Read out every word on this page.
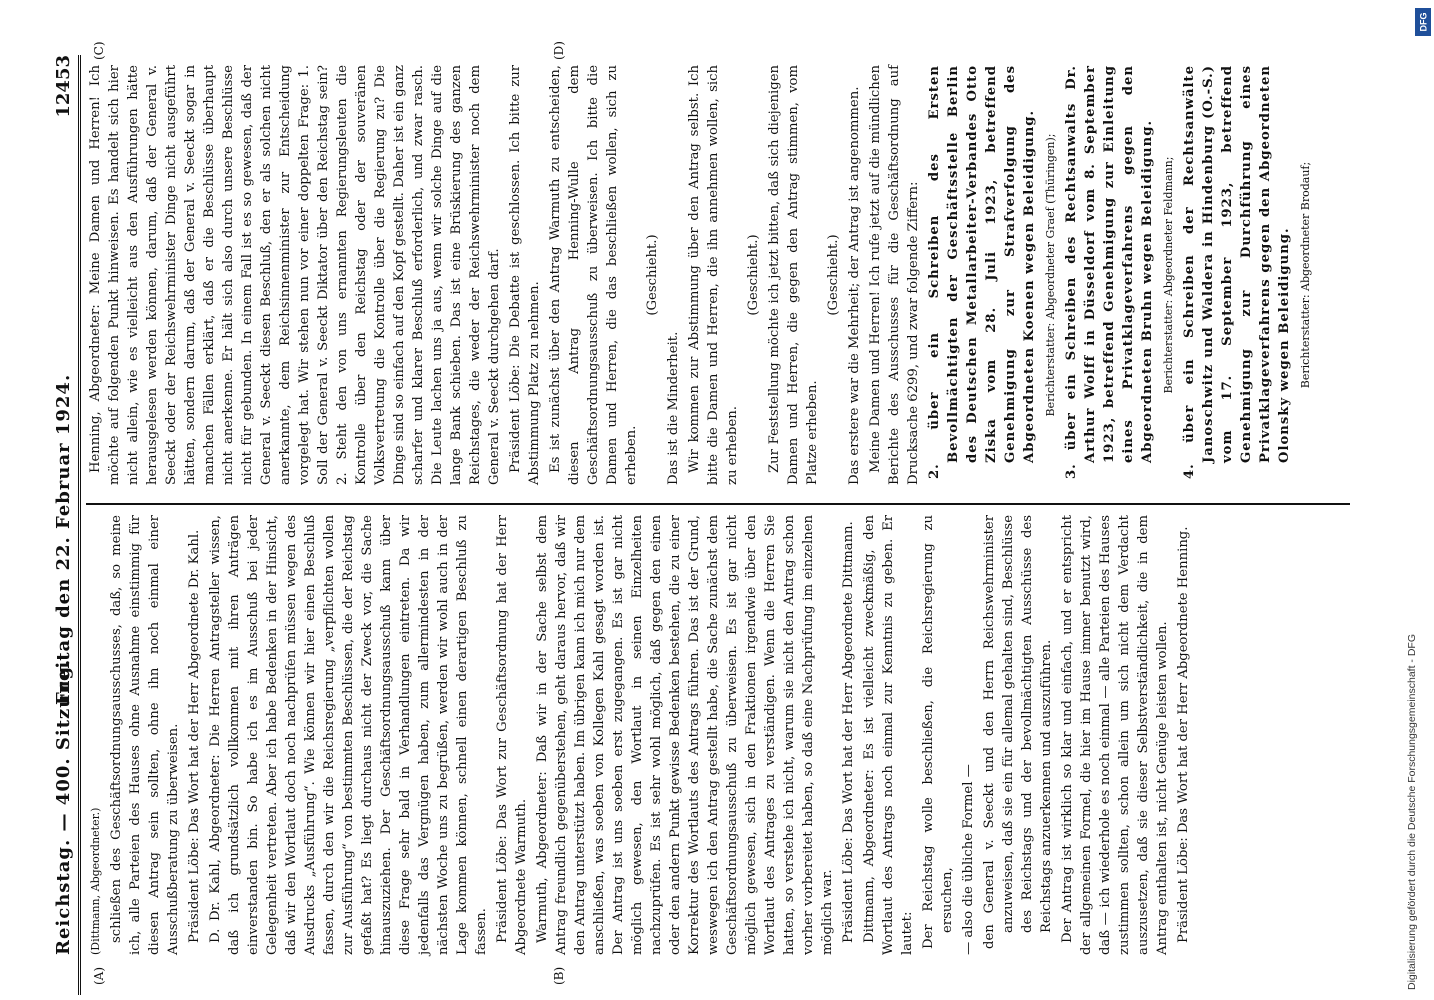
Reichstag. — 400. Sitzung.
Freitag den 22. Februar 1924.
12453
(A)	(B)
(C)	(D)

(Dittmann, Abgeordneter.) schließen des Geschäftsordnungsausschusses, daß, so meine ich, alle Parteien des Hauses ohne Ausnahme einstimmig für diesen Antrag sein sollten, ohne ihn noch einmal einer Ausschußberatung zu überweisen. Präsident Löbe: Das Wort hat der Herr Abgeordnete Dr. Kahl. D. Dr. Kahl, Abgeordneter: Die Herren Antragsteller wissen, daß ich grundsätzlich vollkommen mit ihren Anträgen einverstanden bin. So habe ich es im Ausschuß bei jeder Gelegenheit vertreten. Aber ich habe Bedenken in der Hinsicht, daß wir den Wortlaut doch noch nachprüfen müssen wegen des Ausdrucks „Ausführung“. Wie können wir hier einen Beschluß fassen, durch den wir die Reichsregierung „verpflichten wollen zur Ausführung“ von bestimmten Beschlüssen, die der Reichstag gefaßt hat? Es liegt durchaus nicht der Zweck vor, die Sache hinauszuziehen. Der Geschäftsordnungsausschuß kann über diese Frage sehr bald in Verhandlungen eintreten. Da wir jedenfalls das Vergnügen haben, zum allermindesten in der nächsten Woche uns zu begrüßen, werden wir wohl auch in der Lage kommen können, schnell einen derartigen Beschluß zu fassen. Präsident Löbe: Das Wort zur Geschäftsordnung hat der Herr Abgeordnete Warmuth. Warmuth, Abgeordneter: Daß wir in der Sache selbst dem Antrag freundlich gegenüberstehen, geht daraus hervor, daß wir den Antrag unterstützt haben. Im übrigen kann ich mich nur dem anschließen, was soeben von Kollegen Kahl gesagt worden ist. Der Antrag ist uns soeben erst zugegangen. Es ist gar nicht möglich gewesen, den Wortlaut in seinen Einzelheiten nachzuprüfen. Es ist sehr wohl möglich, daß gegen den einen oder den andern Punkt gewisse Bedenken bestehen, die zu einer Korrektur des Wortlauts des Antrags führen. Das ist der Grund, weswegen ich den Antrag gestellt habe, die Sache zunächst dem Geschäftsordnungsausschuß zu überweisen. Es ist gar nicht möglich gewesen, sich in den Fraktionen irgendwie über den Wortlaut des Antrages zu verständigen. Wenn die Herren Sie hatten, so verstehe ich nicht, warum sie nicht den Antrag schon vorher vorbereitet haben, so daß eine Nachprüfung im einzelnen möglich war. Präsident Löbe: Das Wort hat der Herr Abgeordnete Dittmann. Dittmann, Abgeordneter: Es ist vielleicht zweckmäßig, den Wortlaut des Antrags noch einmal zur Kenntnis zu geben. Er lautet: Der Reichstag wolle beschließen, die Reichsregierung zu ersuchen, — also die übliche Formel — den General v. Seeckt und den Herrn Reichswehrminister anzuweisen, daß sie ein für allemal gehalten sind, Beschlüsse des Reichstags und der bevollmächtigten Ausschüsse des Reichstags anzuerkennen und auszuführen. Der Antrag ist wirklich so klar und einfach, und er entspricht der allgemeinen Formel, die hier im Hause immer benutzt wird, daß — ich wiederhole es noch einmal — alle Parteien des Hauses zustimmen sollten, schon allein um sich nicht dem Verdacht auszusetzen, daß sie dieser Selbstverständlichkeit, die in dem Antrag enthalten ist, nicht Genüge leisten wollen. Präsident Löbe: Das Wort hat der Herr Abgeordnete Henning.

Henning, Abgeordneter: Meine Damen und Herren! Ich möchte auf folgenden Punkt hinweisen. Es handelt sich hier nicht allein, wie es vielleicht aus den Ausführungen hätte herausgelesen werden können, darum, daß der General v. Seeckt oder der Reichswehrminister Dinge nicht ausgeführt hätten, sondern darum, daß der General v. Seeckt sogar in manchen Fällen erklärt, daß er die Beschlüsse überhaupt nicht anerkenne. Er hält sich also durch unsere Beschlüsse nicht für gebunden. In einem Fall ist es so gewesen, daß der General v. Seeckt diesen Beschluß, den er als solchen nicht anerkannte, dem Reichsinnenminister zur Entscheidung vorgelegt hat. Wir stehen nun vor einer doppelten Frage: 1. Soll der General v. Seeckt Diktator über den Reichstag sein? 2. Steht den von uns ernannten Regierungsleuten die Kontrolle über den Reichstag oder der souveränen Volksvertretung die Kontrolle über die Regierung zu? Die Dinge sind so einfach auf den Kopf gestellt. Daher ist ein ganz scharfer und klarer Beschluß erforderlich, und zwar rasch. Die Leute lachen uns ja aus, wenn wir solche Dinge auf die lange Bank schieben. Das ist eine Brüskierung des ganzen Reichstages, die weder der Reichswehrminister noch dem General v. Seeckt durchgehen darf. Präsident Löbe: Die Debatte ist geschlossen. Ich bitte zur Abstimmung Platz zu nehmen. Es ist zunächst über den Antrag Warmuth zu entscheiden, diesen Antrag Henning-Wulle dem Geschäftsordnungsausschuß zu überweisen. Ich bitte die Damen und Herren, die das beschließen wollen, sich zu erheben.

(Geschieht.)

Das ist die Minderheit. Wir kommen zur Abstimmung über den Antrag selbst. Ich bitte die Damen und Herren, die ihn annehmen wollen, sich zu erheben.

(Geschieht.) Zur Feststellung möchte ich jetzt bitten, daß sich diejenigen Damen und Herren, die gegen den Antrag stimmen, vom Platze erheben.

(Geschieht.) Das erstere war die Mehrheit; der Antrag ist angenommen. Meine Damen und Herren! Ich rufe jetzt auf die mündlichen Berichte des Ausschusses für die Geschäftsordnung auf Drucksache 6299, und zwar folgende Ziffern: 2. über ein Schreiben des Ersten Bevollmächtigten der Geschäftsstelle Berlin des Deutschen Metallarbeiter-Verbandes Otto Ziska vom 28. Juli 1923, betreffend Genehmigung zur Strafverfolgung des Abgeordneten Koenen wegen Beleidigung. Berichterstatter: Abgeordneter Graef (Thüringen); 3. über ein Schreiben des Rechtsanwalts Dr. Arthur Wolff in Düsseldorf vom 8. September 1923, betreffend Genehmigung zur Einleitung eines Privatklageverfahrens gegen den Abgeordneten Bruhn wegen Beleidigung. Berichterstatter: Abgeordneter Feldmann; 4. über ein Schreiben der Rechtsanwälte Janoschwitz und Waldera in Hindenburg (O.-S.) vom 17. September 1923, betreffend Genehmigung zur Durchführung eines Privatklageverfahrens gegen den Abgeordneten Olonsky wegen Beleidigung. Berichterstatter: Abgeordneter Brodauf;

DFG
Digitalisierung gefördert durch die Deutsche Forschungsgemeinschaft - DFG
